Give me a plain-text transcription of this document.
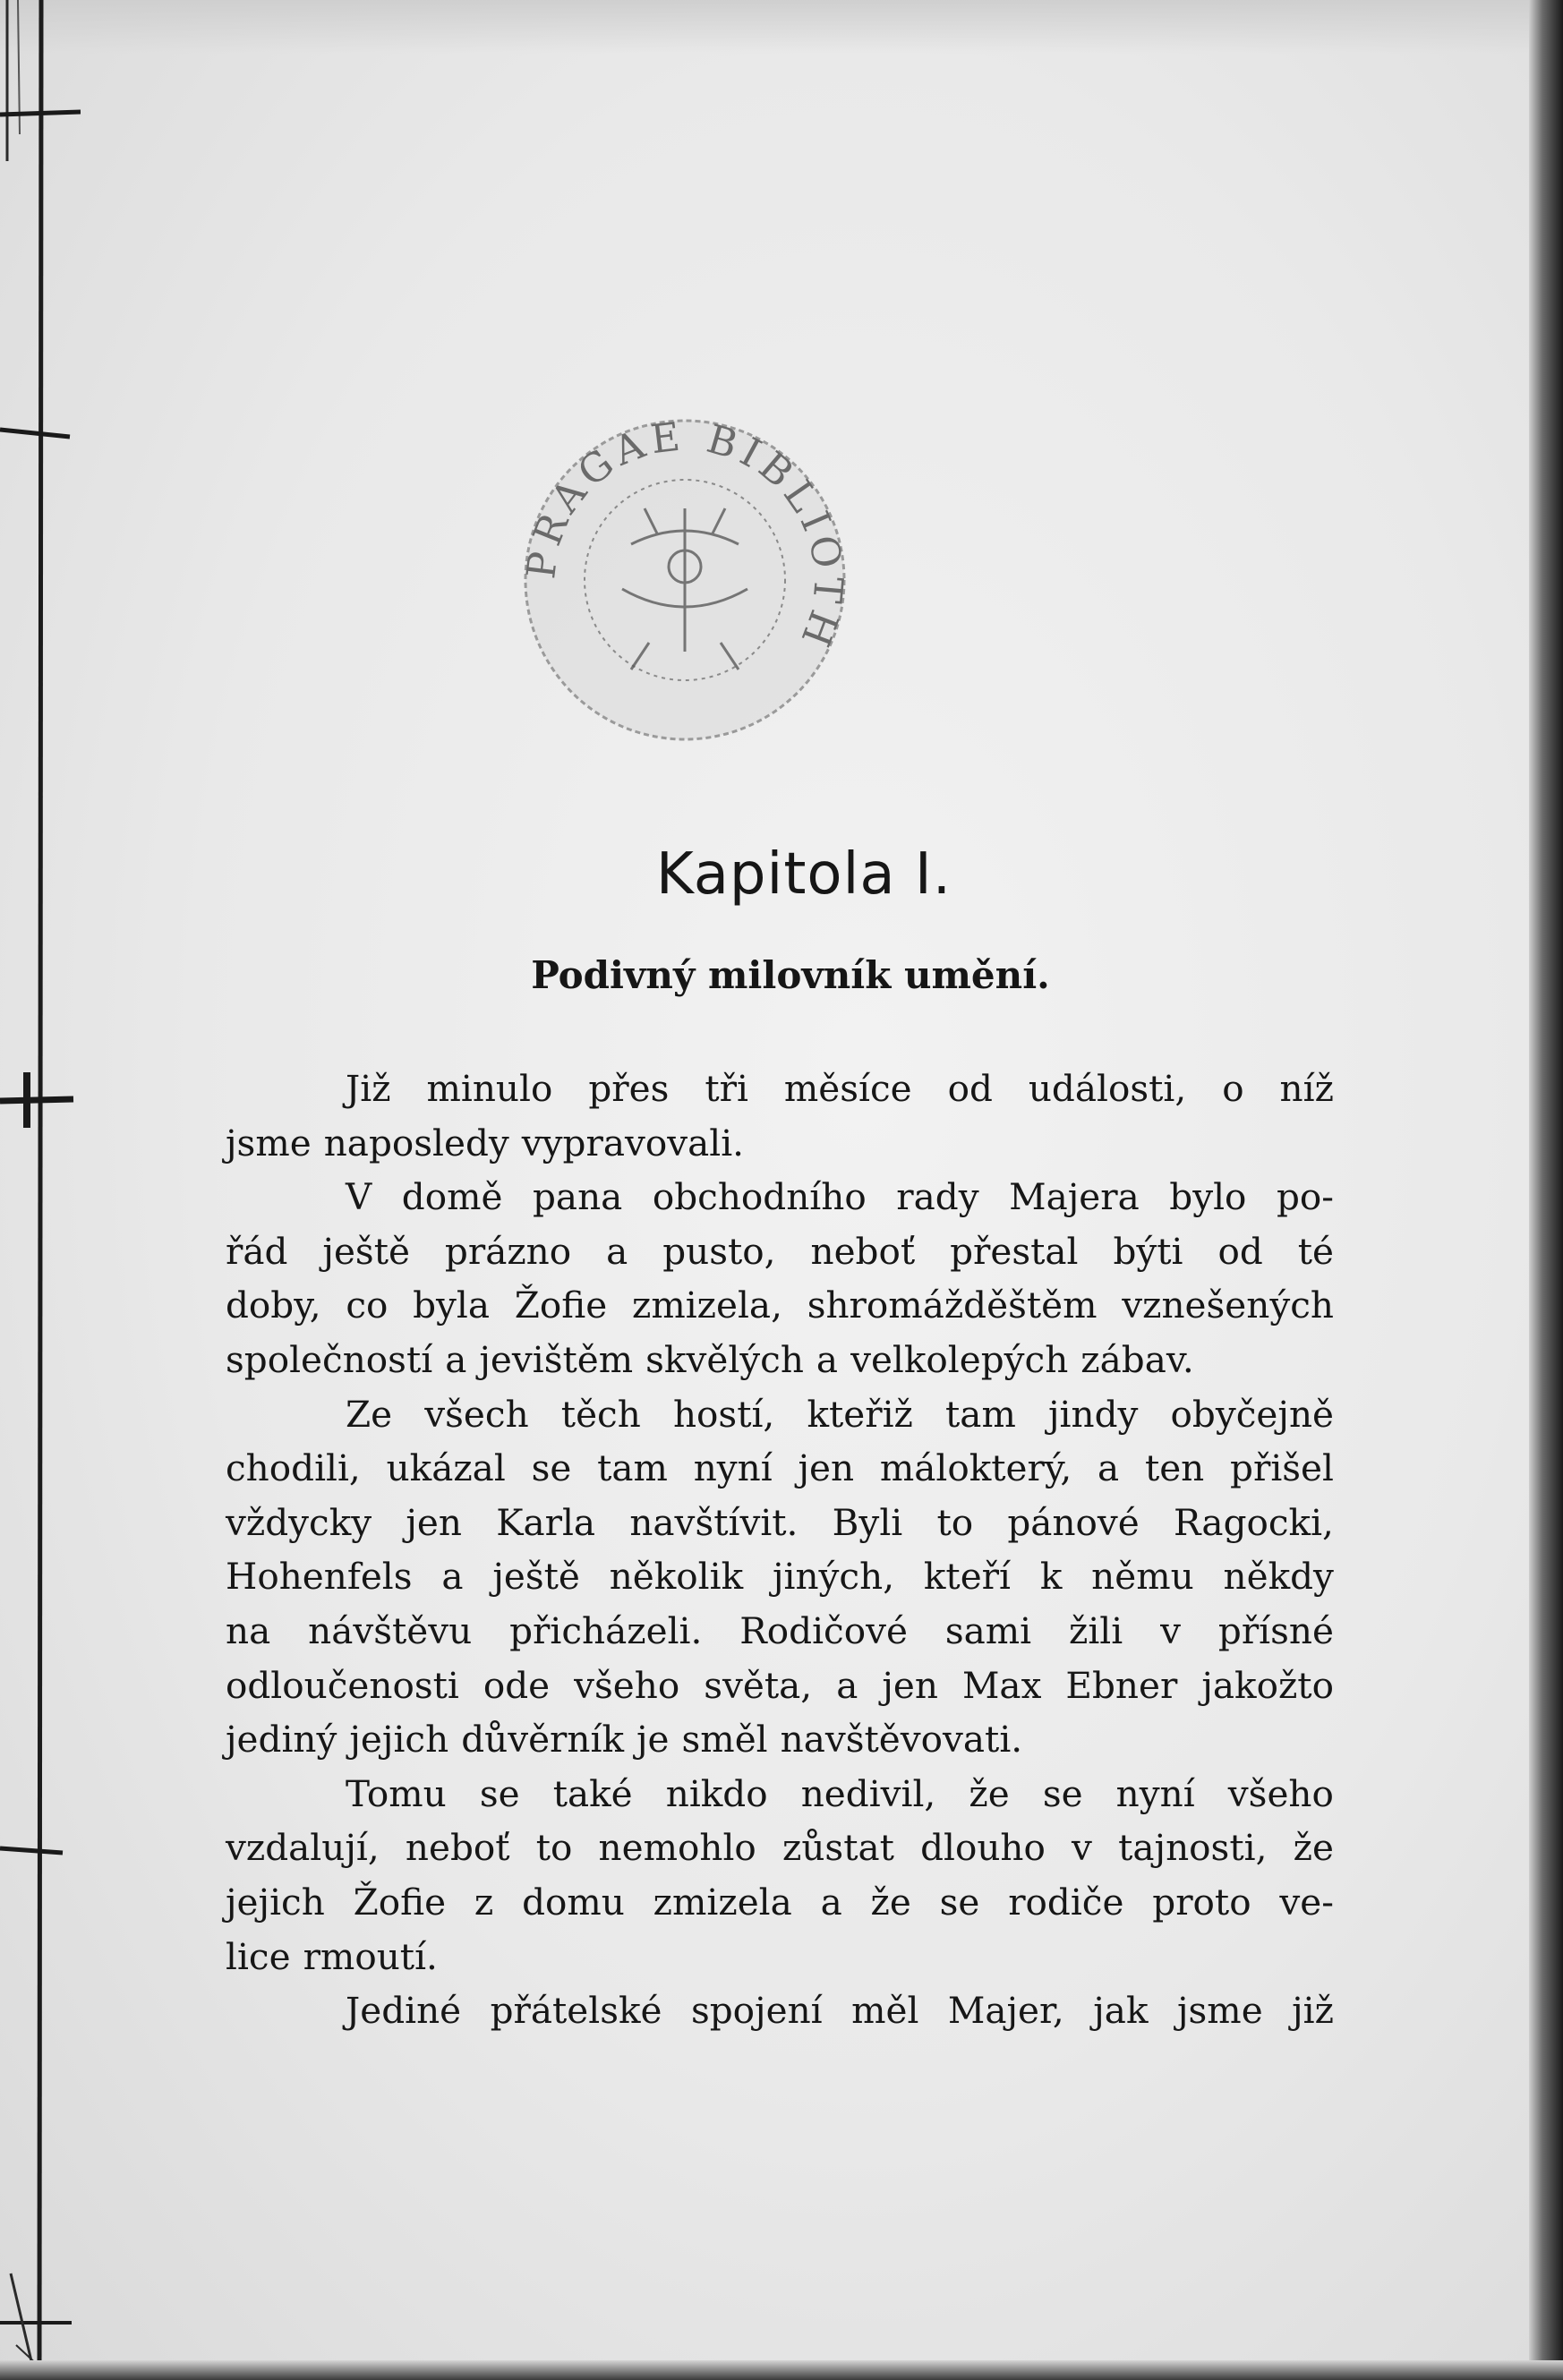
PRAGAE BIBLIOTH
Kapitola I.
Podivný milovník umění.
Již minulo přes tři měsíce od události, o níž
jsme naposledy vypravovali.
V domě pana obchodního rady Majera bylo po-
řád ještě prázno a pusto, neboť přestal býti od té
doby, co byla Žofie zmizela, shromážděštěm vznešených
společností a jevištěm skvělých a velkolepých zábav.
Ze všech těch hostí, kteřiž tam jindy obyčejně
chodili, ukázal se tam nyní jen málokterý, a ten přišel
vždycky jen Karla navštívit. Byli to pánové Ragocki,
Hohenfels a ještě několik jiných, kteří k němu někdy
na návštěvu přicházeli. Rodičové sami žili v přísné
odloučenosti ode všeho světa, a jen Max Ebner jakožto
jediný jejich důvěrník je směl navštěvovati.
Tomu se také nikdo nedivil, že se nyní všeho
vzdalují, neboť to nemohlo zůstat dlouho v tajnosti, že
jejich Žofie z domu zmizela a že se rodiče proto ve-
lice rmoutí.
Jediné přátelské spojení měl Majer, jak jsme již
